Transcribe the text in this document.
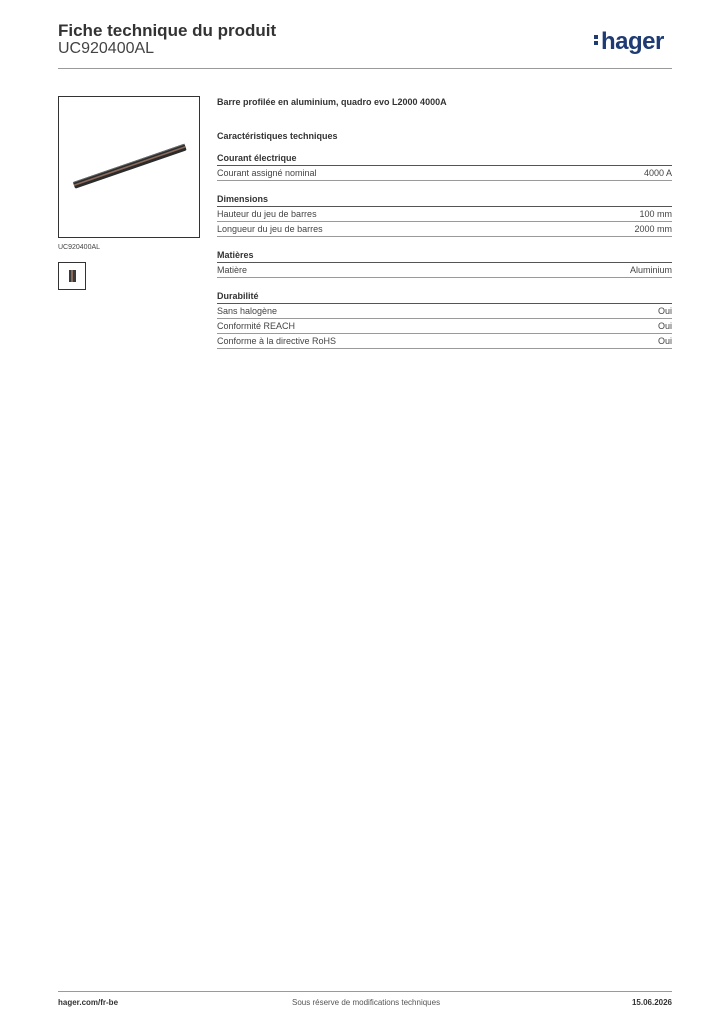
Fiche technique du produit
UC920400AL	hager
UC920400AL
Barre profilée en aluminium, quadro evo L2000 4000A
Caractéristiques techniques
Courant électrique
Courant assigné nominal	4000 A
Dimensions
Hauteur du jeu de barres	100 mm
Longueur du jeu de barres	2000 mm
Matières
Matière	Aluminium
Durabilité
Sans halogène	Oui
Conformité REACH	Oui
Conforme à la directive RoHS	Oui
hager.com/fr-be	Sous réserve de modifications techniques	15.06.2026
